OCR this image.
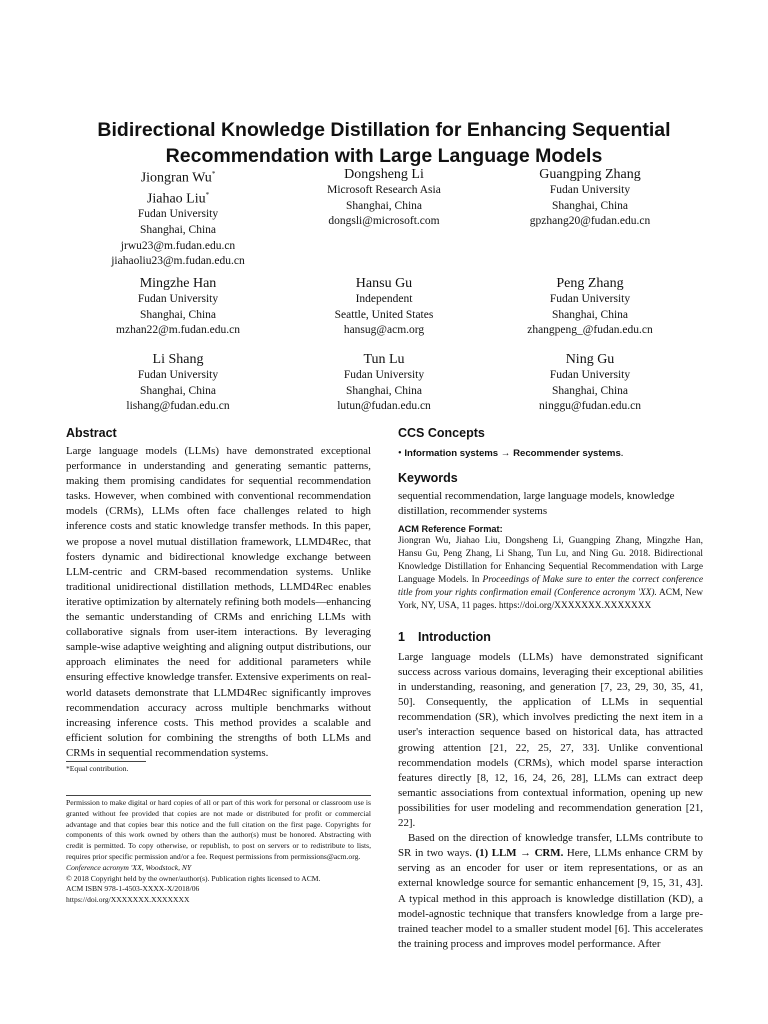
Bidirectional Knowledge Distillation for Enhancing Sequential Recommendation with Large Language Models
Jiongran Wu*
Jiahao Liu*
Fudan University
Shanghai, China
jrwu23@m.fudan.edu.cn
jiahaoliu23@m.fudan.edu.cn
Dongsheng Li
Microsoft Research Asia
Shanghai, China
dongsli@microsoft.com
Guangping Zhang
Fudan University
Shanghai, China
gpzhang20@fudan.edu.cn
Mingzhe Han
Fudan University
Shanghai, China
mzhan22@m.fudan.edu.cn
Hansu Gu
Independent
Seattle, United States
hansug@acm.org
Peng Zhang
Fudan University
Shanghai, China
zhangpeng_@fudan.edu.cn
Li Shang
Fudan University
Shanghai, China
lishang@fudan.edu.cn
Tun Lu
Fudan University
Shanghai, China
lutun@fudan.edu.cn
Ning Gu
Fudan University
Shanghai, China
ninggu@fudan.edu.cn
Abstract

Large language models (LLMs) have demonstrated exceptional performance in understanding and generating semantic patterns, making them promising candidates for sequential recommendation tasks. However, when combined with conventional recommendation models (CRMs), LLMs often face challenges related to high inference costs and static knowledge transfer methods. In this paper, we propose a novel mutual distillation framework, LLMD4Rec, that fosters dynamic and bidirectional knowledge exchange between LLM-centric and CRM-based recommendation systems. Unlike traditional unidirectional distillation methods, LLMD4Rec enables iterative optimization by alternately refining both models—enhancing the semantic understanding of CRMs and enriching LLMs with collaborative signals from user-item interactions. By leveraging sample-wise adaptive weighting and aligning output distributions, our approach eliminates the need for additional parameters while ensuring effective knowledge transfer. Extensive experiments on real-world datasets demonstrate that LLMD4Rec significantly improves recommendation accuracy across multiple benchmarks without increasing inference costs. This method provides a scalable and efficient solution for combining the strengths of both LLMs and CRMs in sequential recommendation systems.

*Equal contribution.

Permission to make digital or hard copies of all or part of this work for personal or classroom use is granted without fee provided that copies are not made or distributed for profit or commercial advantage and that copies bear this notice and the full citation on the first page. Copyrights for components of this work owned by others than the author(s) must be honored. Abstracting with credit is permitted. To copy otherwise, or republish, to post on servers or to redistribute to lists, requires prior specific permission and/or a fee. Request permissions from permissions@acm.org.

Conference acronym 'XX, Woodstock, NY

© 2018 Copyright held by the owner/author(s). Publication rights licensed to ACM.

ACM ISBN 978-1-4503-XXXX-X/2018/06

https://doi.org/XXXXXXX.XXXXXXX

CCS Concepts
• Information systems → Recommender systems.
Keywords

sequential recommendation, large language models, knowledge distillation, recommender systems

ACM Reference Format:

Jiongran Wu, Jiahao Liu, Dongsheng Li, Guangping Zhang, Mingzhe Han, Hansu Gu, Peng Zhang, Li Shang, Tun Lu, and Ning Gu. 2018. Bidirectional Knowledge Distillation for Enhancing Sequential Recommendation with Large Language Models. In Proceedings of Make sure to enter the correct conference title from your rights confirmation email (Conference acronym 'XX). ACM, New York, NY, USA, 11 pages. https://doi.org/XXXXXXX.XXXXXXX

1 Introduction

Large language models (LLMs) have demonstrated significant success across various domains, leveraging their exceptional abilities in understanding, reasoning, and generation [7, 23, 29, 30, 35, 41, 50]. Consequently, the application of LLMs in sequential recommendation (SR), which involves predicting the next item in a user's interaction sequence based on historical data, has attracted growing attention [21, 22, 25, 27, 33]. Unlike conventional recommendation models (CRMs), which model sparse interaction features directly [8, 12, 16, 24, 26, 28], LLMs can extract deep semantic associations from contextual information, opening up new possibilities for user modeling and recommendation generation [21, 22].

Based on the direction of knowledge transfer, LLMs contribute to SR in two ways. (1) LLM → CRM. Here, LLMs enhance CRM by serving as an encoder for user or item representations, or as an external knowledge source for semantic enhancement [9, 15, 31, 43]. A typical method in this approach is knowledge distillation (KD), a model-agnostic technique that transfers knowledge from a large pre-trained teacher model to a smaller student model [6]. This accelerates the training process and improves model performance. After
